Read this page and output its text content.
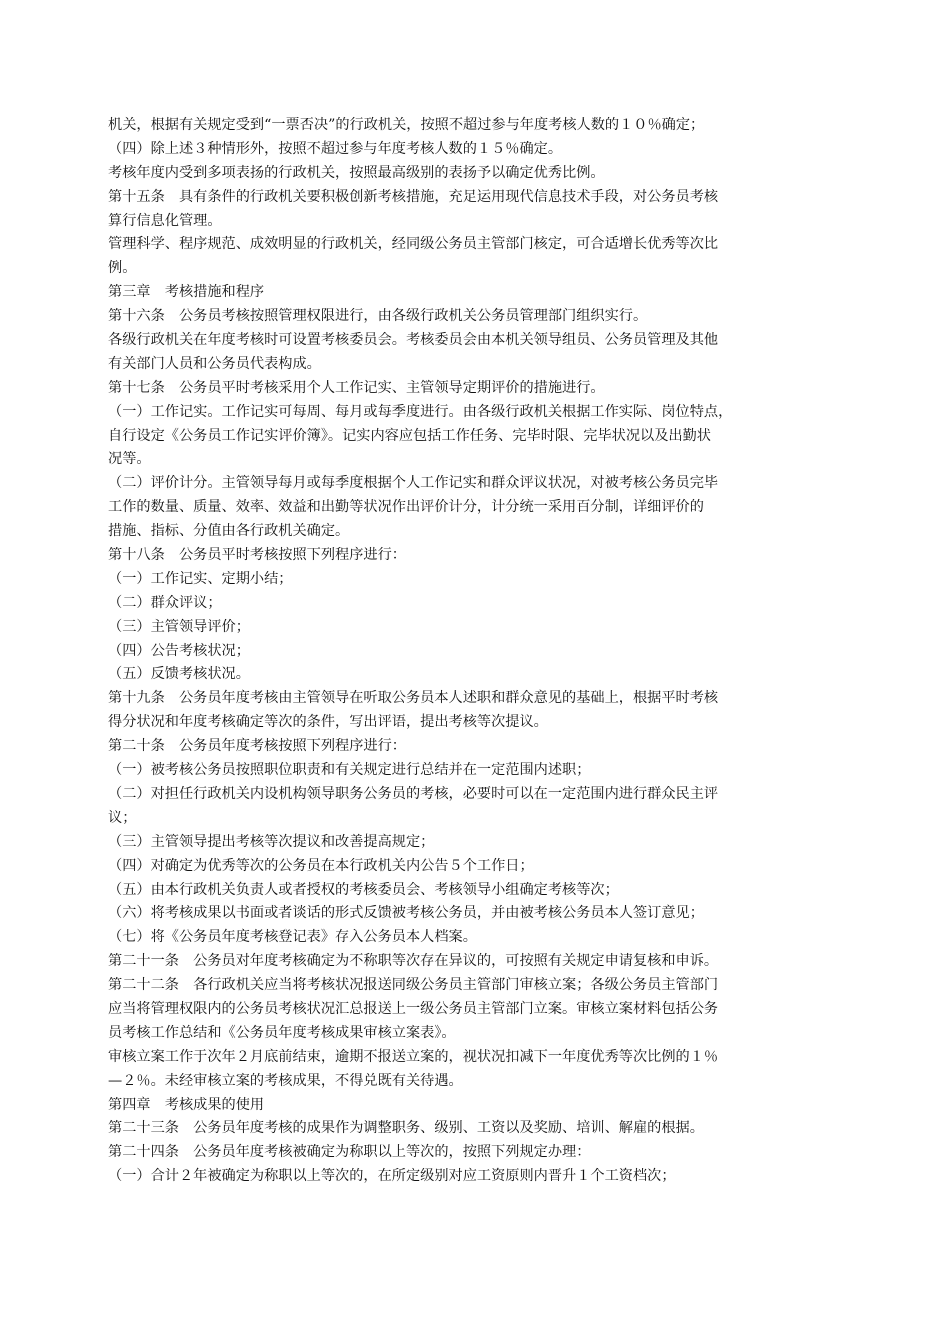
机关，根据有关规定受到“一票否决”的行政机关，按照不超过参与年度考核人数的１０％确定；
（四）除上述３种情形外，按照不超过参与年度考核人数的１５％确定。
考核年度内受到多项表扬的行政机关，按照最高级别的表扬予以确定优秀比例。
第十五条　具有条件的行政机关要积极创新考核措施，充足运用现代信息技术手段，对公务员考核
算行信息化管理。
管理科学、程序规范、成效明显的行政机关，经同级公务员主管部门核定，可合适增长优秀等次比
例。
第三章　考核措施和程序
第十六条　公务员考核按照管理权限进行，由各级行政机关公务员管理部门组织实行。
各级行政机关在年度考核时可设置考核委员会。考核委员会由本机关领导组员、公务员管理及其他
有关部门人员和公务员代表构成。
第十七条　公务员平时考核采用个人工作记实、主管领导定期评价的措施进行。
（一）工作记实。工作记实可每周、每月或每季度进行。由各级行政机关根据工作实际、岗位特点，
自行设定《公务员工作记实评价簿》。记实内容应包括工作任务、完毕时限、完毕状况以及出勤状
况等。
（二）评价计分。主管领导每月或每季度根据个人工作记实和群众评议状况，对被考核公务员完毕
工作的数量、质量、效率、效益和出勤等状况作出评价计分，计分统一采用百分制，详细评价的
措施、指标、分值由各行政机关确定。
第十八条　公务员平时考核按照下列程序进行：
（一）工作记实、定期小结；
（二）群众评议；
（三）主管领导评价；
（四）公告考核状况；
（五）反馈考核状况。
第十九条　公务员年度考核由主管领导在听取公务员本人述职和群众意见的基础上，根据平时考核
得分状况和年度考核确定等次的条件，写出评语，提出考核等次提议。
第二十条　公务员年度考核按照下列程序进行：
（一）被考核公务员按照职位职责和有关规定进行总结并在一定范围内述职；
（二）对担任行政机关内设机构领导职务公务员的考核，必要时可以在一定范围内进行群众民主评
议；
（三）主管领导提出考核等次提议和改善提高规定；
（四）对确定为优秀等次的公务员在本行政机关内公告５个工作日；
（五）由本行政机关负责人或者授权的考核委员会、考核领导小组确定考核等次；
（六）将考核成果以书面或者谈话的形式反馈被考核公务员，并由被考核公务员本人签订意见；
（七）将《公务员年度考核登记表》存入公务员本人档案。
第二十一条　公务员对年度考核确定为不称职等次存在异议的，可按照有关规定申请复核和申诉。
第二十二条　各行政机关应当将考核状况报送同级公务员主管部门审核立案；各级公务员主管部门
应当将管理权限内的公务员考核状况汇总报送上一级公务员主管部门立案。审核立案材料包括公务
员考核工作总结和《公务员年度考核成果审核立案表》。
审核立案工作于次年２月底前结束，逾期不报送立案的，视状况扣减下一年度优秀等次比例的１％
—２％。未经审核立案的考核成果，不得兑既有关待遇。
第四章　考核成果的使用
第二十三条　公务员年度考核的成果作为调整职务、级别、工资以及奖励、培训、解雇的根据。
第二十四条　公务员年度考核被确定为称职以上等次的，按照下列规定办理：
（一）合计２年被确定为称职以上等次的，在所定级别对应工资原则内晋升１个工资档次；
